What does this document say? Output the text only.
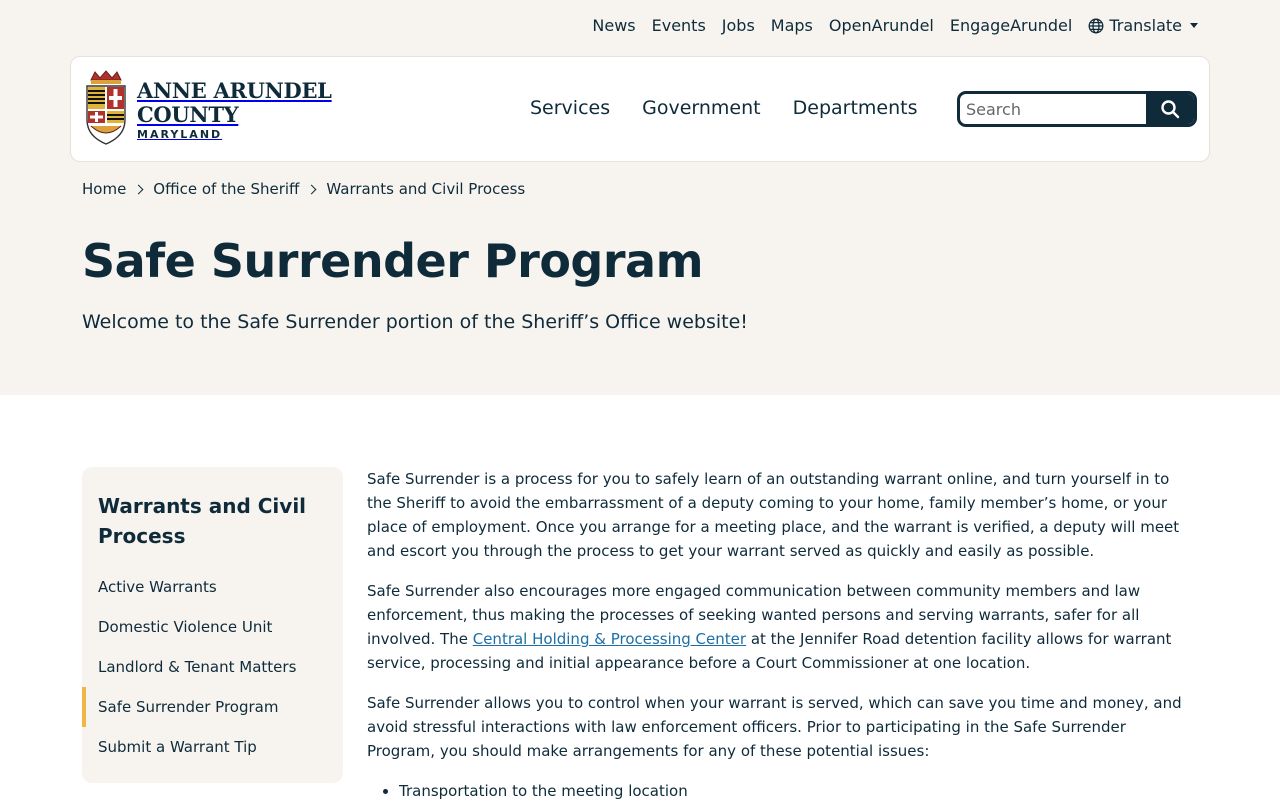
News Events Jobs Maps OpenArundel EngageArundel Translate
ANNE ARUNDEL
COUNTY
MARYLAND
Services Government Departments
Search
Home Office of the Sheriff Warrants and Civil Process
Safe Surrender Program

Welcome to the Safe Surrender portion of the Sheriff’s Office website!

Warrants and Civil Process
Active Warrants
Domestic Violence Unit
Landlord & Tenant Matters
Safe Surrender Program
Submit a Warrant Tip

Safe Surrender is a process for you to safely learn of an outstanding warrant online, and turn yourself in to the Sheriff to avoid the embarrassment of a deputy coming to your home, family member’s home, or your place of employment. Once you arrange for a meeting place, and the warrant is verified, a deputy will meet and escort you through the process to get your warrant served as quickly and easily as possible.

Safe Surrender also encourages more engaged communication between community members and law enforcement, thus making the processes of seeking wanted persons and serving warrants, safer for all involved. The Central Holding & Processing Center at the Jennifer Road detention facility allows for warrant service, processing and initial appearance before a Court Commissioner at one location.

Safe Surrender allows you to control when your warrant is served, which can save you time and money, and avoid stressful interactions with law enforcement officers. Prior to participating in the Safe Surrender Program, you should make arrangements for any of these potential issues:

• Transportation to the meeting location
